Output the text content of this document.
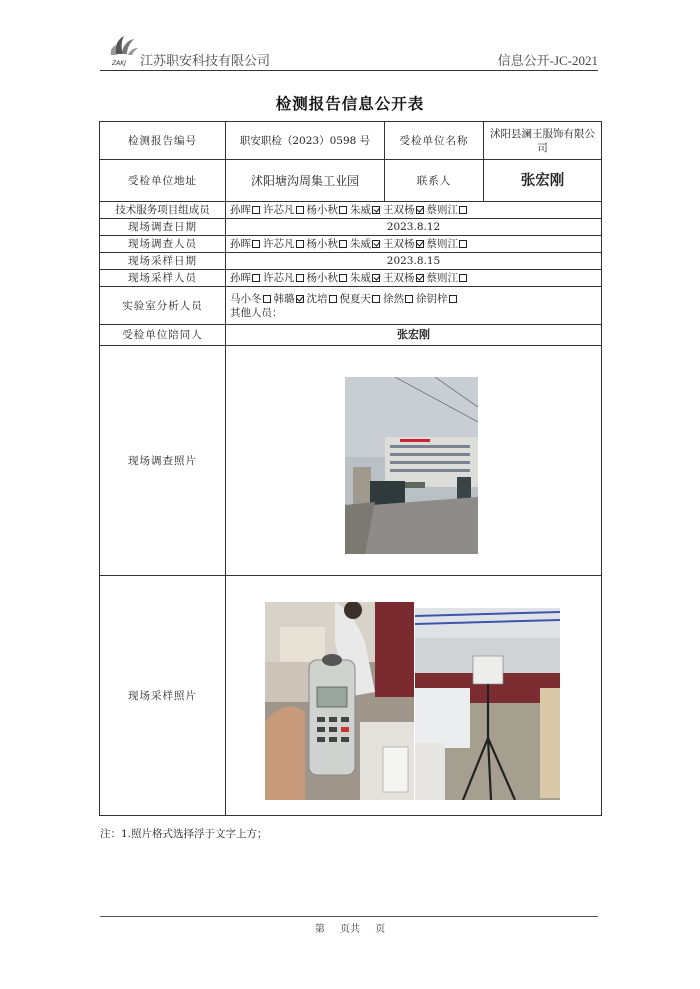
ZAKJ 江苏职安科技有限公司	信息公开-JC-2021
检测报告信息公开表
检测报告编号	职安职检（2023）0598 号	受检单位名称	沭阳县澜王服饰有限公司
受检单位地址	沭阳塘沟周集工业园	联系人	张宏刚
技术服务项目组成员	孙晖 许芯凡 杨小秋 朱威 王双杨 蔡则江		
现场调查日期	2023.8.12		
现场调查人员	孙晖 许芯凡 杨小秋 朱威 王双杨 蔡则江		
现场采样日期	2023.8.15		
现场采样人员	孙晖 许芯凡 杨小秋 朱威 王双杨 蔡则江		
实验室分析人员	马小冬 韩璐 沈培 倪夏天 徐然 徐钥梓
其他人员：		

受检单位陪同人	张宏刚		
现场调查照片			
现场采样照片			
注：1.照片格式选择浮于文字上方；
第 页共 页
